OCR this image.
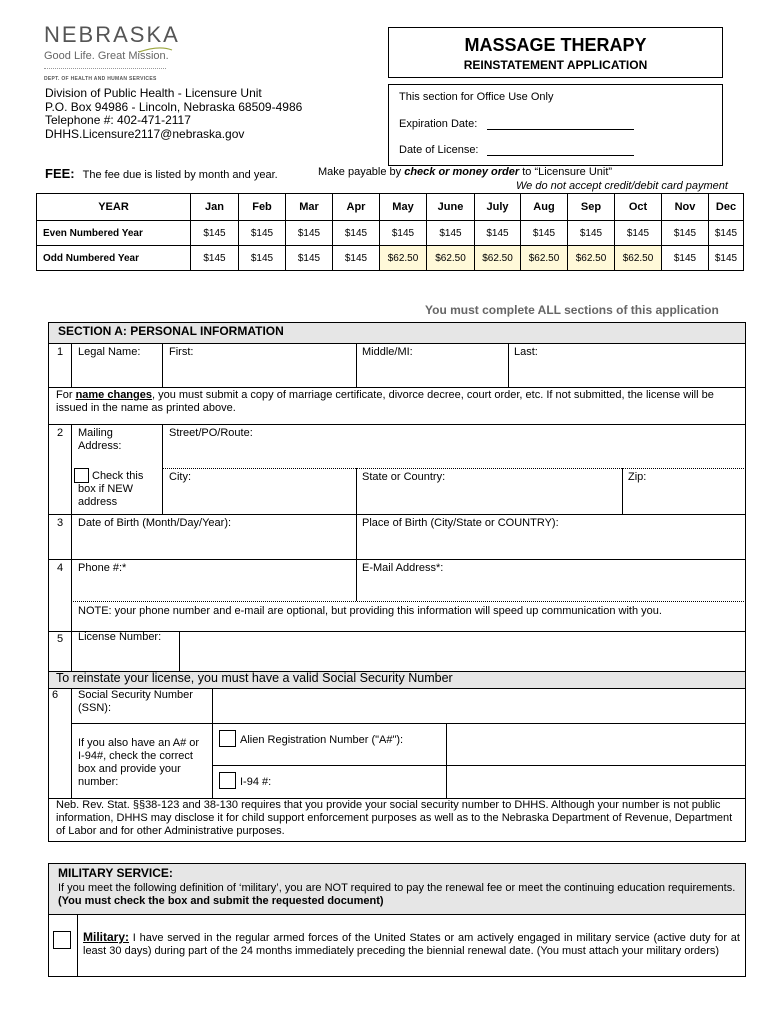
NEBRASKA
Good Life. Great Mission.
DEPT. OF HEALTH AND HUMAN SERVICES
MASSAGE THERAPY
REINSTATEMENT APPLICATION
Division of Public Health - Licensure Unit
P.O. Box 94986 - Lincoln, Nebraska 68509-4986
Telephone #: 402-471-2117
DHHS.Licensure2117@nebraska.gov
This section for Office Use Only
Expiration Date:
Date of License:
FEE: The fee due is listed by month and year.	Make payable by check or money order to “Licensure Unit”
We do not accept credit/debit card payment
YEAR	Jan	Feb	Mar	Apr	May	June	July	Aug	Sep	Oct	Nov	Dec
Even Numbered Year	$145	$145	$145	$145	$145	$145	$145	$145	$145	$145	$145	$145
Odd Numbered Year	$145	$145	$145	$145	$62.50	$62.50	$62.50	$62.50	$62.50	$62.50	$145	$145
You must complete ALL sections of this application
SECTION A: PERSONAL INFORMATION
1 Legal Name:	First:	Middle/MI:	Last:
For name changes, you must submit a copy of marriage certificate, divorce decree, court order, etc. If not submitted, the license will be issued in the name as printed above.
2 Mailing Address:
Street/PO/Route:
Check this box if NEW address
City:	State or Country:	Zip:
3 Date of Birth (Month/Day/Year):	Place of Birth (City/State or COUNTRY):
4 Phone #:*	E-Mail Address*:
NOTE: your phone number and e-mail are optional, but providing this information will speed up communication with you.
5 License Number:
To reinstate your license, you must have a valid Social Security Number
6 Social Security Number (SSN):
If you also have an A# or I-94#, check the correct box and provide your number:
Alien Registration Number ("A#"):
I-94 #:
Neb. Rev. Stat. §§38-123 and 38-130 requires that you provide your social security number to DHHS. Although your number is not public information, DHHS may disclose it for child support enforcement purposes as well as to the Nebraska Department of Revenue, Department of Labor and for other Administrative purposes.
MILITARY SERVICE:
If you meet the following definition of ‘military’, you are NOT required to pay the renewal fee or meet the continuing education requirements. (You must check the box and submit the requested document)
Military: I have served in the regular armed forces of the United States or am actively engaged in military service (active duty for at least 30 days) during part of the 24 months immediately preceding the biennial renewal date. (You must attach your military orders)
